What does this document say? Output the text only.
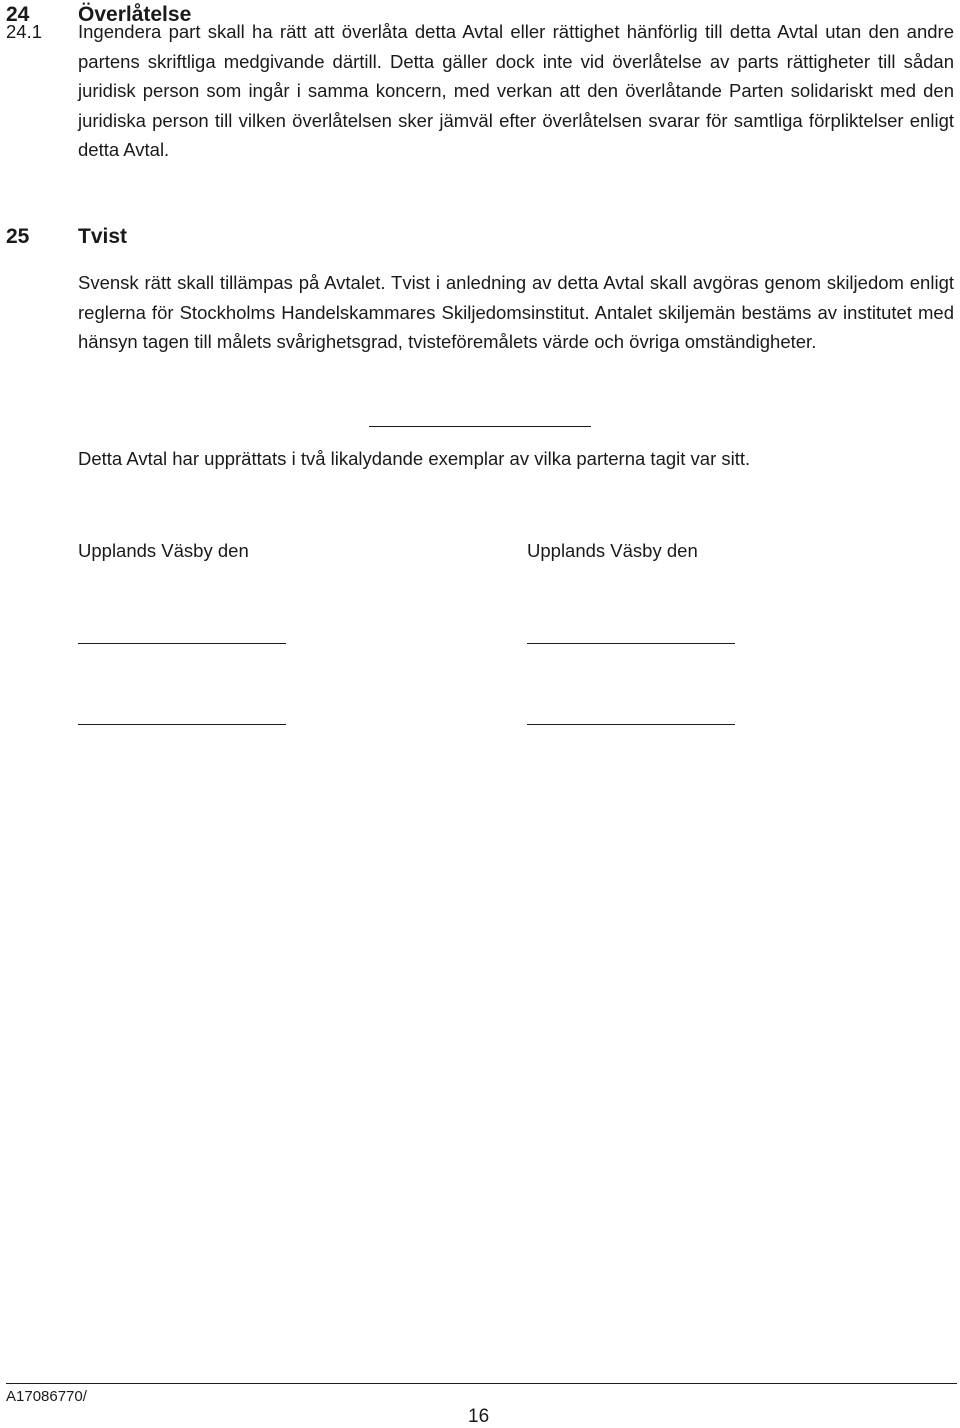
24 Överlåtelse
24.1 Ingendera part skall ha rätt att överlåta detta Avtal eller rättighet hänförlig till detta Avtal utan den andre partens skriftliga medgivande därtill. Detta gäller dock inte vid överlåtelse av parts rättigheter till sådan juridisk person som ingår i samma koncern, med verkan att den överlåtande Parten solidariskt med den juridiska person till vilken överlåtelsen sker jämväl efter överlåtelsen svarar för samtliga förpliktelser enligt detta Avtal.
25 Tvist
Svensk rätt skall tillämpas på Avtalet. Tvist i anledning av detta Avtal skall avgöras genom skiljedom enligt reglerna för Stockholms Handelskammares Skiljedomsinstitut. Antalet skiljemän bestäms av institutet med hänsyn tagen till målets svårighetsgrad, tvisteföremålets värde och övriga omständigheter.
Detta Avtal har upprättats i två likalydande exemplar av vilka parterna tagit var sitt.
Upplands Väsby den	Upplands Väsby den
A17086770/
16
